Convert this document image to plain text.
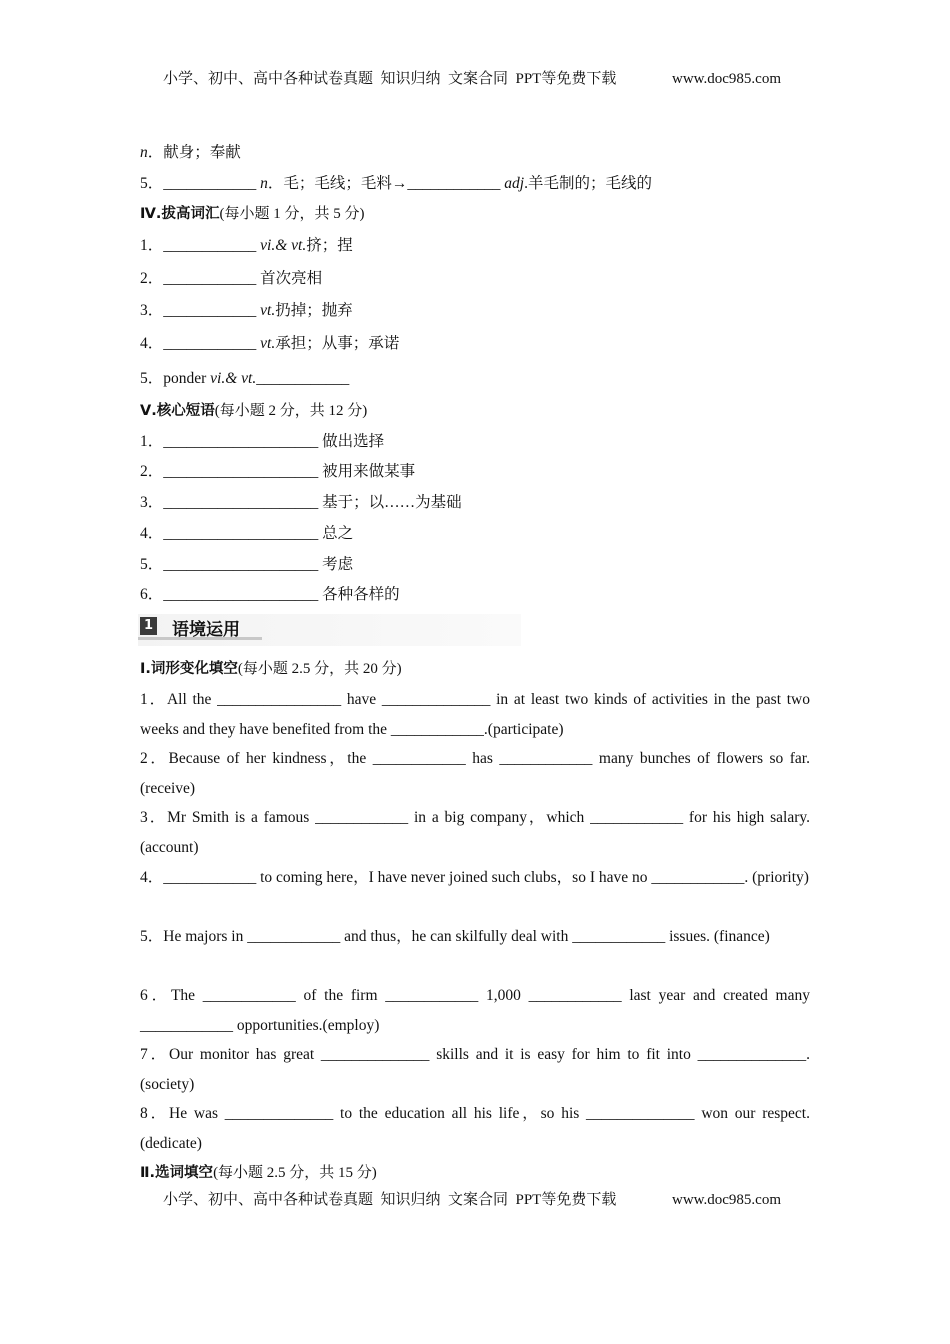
小学、初中、高中各种试卷真题  知识归纳  文案合同  PPT等免费下载	www.doc985.com
n．献身；奉献
5．____________ n．毛；毛线；毛料→____________ adj.羊毛制的；毛线的
Ⅳ.拔高词汇(每小题 1 分，共 5 分)
1．____________ vi.& vt.挤；捏
2．____________ 首次亮相
3．____________ vt.扔掉；抛弃
4．____________ vt.承担；从事；承诺
5．ponder vi.& vt.____________
Ⅴ.核心短语(每小题 2 分，共 12 分)
1．____________________ 做出选择
2．____________________ 被用来做某事
3．____________________ 基于；以……为基础
4．____________________ 总之
5．____________________ 考虑
6．____________________ 各种各样的
1 语境运用
Ⅰ.词形变化填空(每小题 2.5 分，共 20 分)
1．All the ________________ have ______________ in at least two kinds of activities in the past two weeks and they have benefited from the ____________.(participate)
2．Because of her kindness，the ____________ has ____________ many bunches of flowers so far.(receive)
3．Mr Smith is a famous ____________ in a big company，which ____________ for his high salary.(account)
4．____________ to coming here，I have never joined such clubs，so I have no ____________. (priority)
5．He majors in ____________ and thus，he can skilfully deal with ____________ issues. (finance)
6．The ____________ of the firm ____________ 1,000 ____________ last year and created many ____________ opportunities.(employ)
7．Our monitor has great ______________ skills and it is easy for him to fit into ______________.(society)
8．He was ______________ to the education all his life，so his ______________ won our respect.(dedicate)
Ⅱ.选词填空(每小题 2.5 分，共 15 分)
小学、初中、高中各种试卷真题  知识归纳  文案合同  PPT等免费下载	www.doc985.com
